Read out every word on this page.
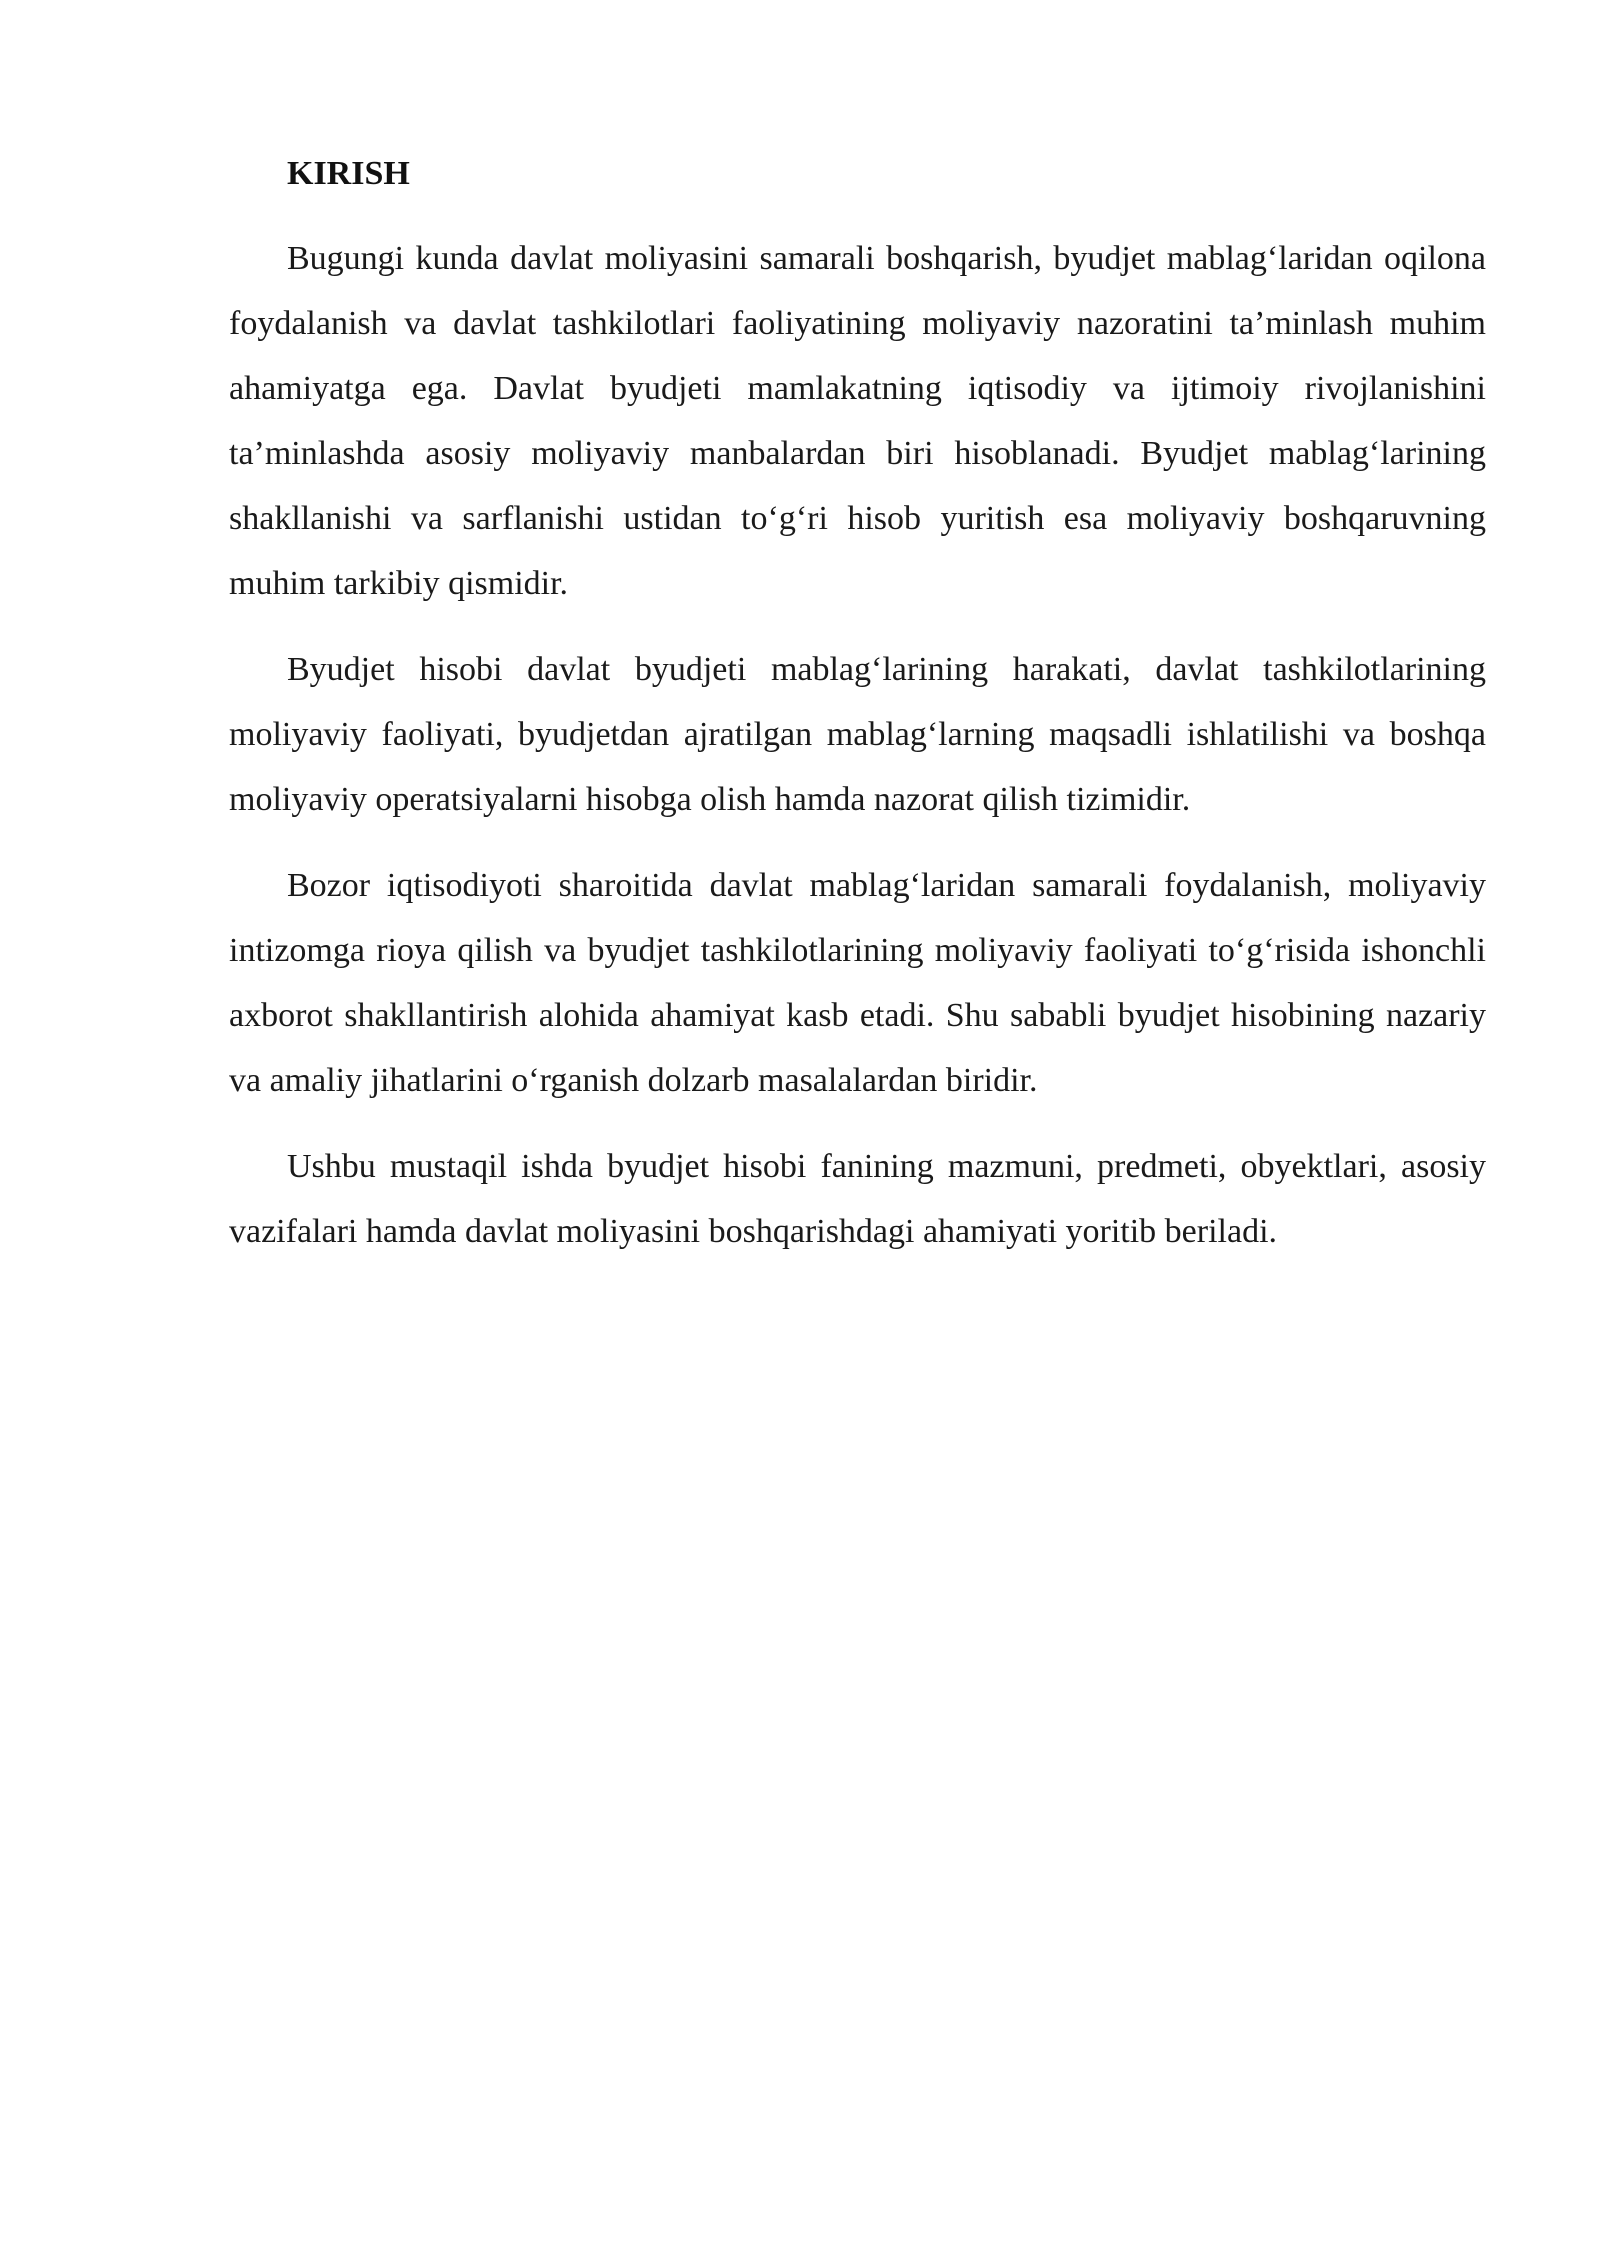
KIRISH

Bugungi kunda davlat moliyasini samarali boshqarish, byudjet mablag‘laridan oqilona foydalanish va davlat tashkilotlari faoliyatining moliyaviy nazoratini ta’minlash muhim ahamiyatga ega. Davlat byudjeti mamlakatning iqtisodiy va ijtimoiy rivojlanishini ta’minlashda asosiy moliyaviy manbalardan biri hisoblanadi. Byudjet mablag‘larining shakllanishi va sarflanishi ustidan to‘g‘ri hisob yuritish esa moliyaviy boshqaruvning muhim tarkibiy qismidir.

Byudjet hisobi davlat byudjeti mablag‘larining harakati, davlat tashkilotlarining moliyaviy faoliyati, byudjetdan ajratilgan mablag‘larning maqsadli ishlatilishi va boshqa moliyaviy operatsiyalarni hisobga olish hamda nazorat qilish tizimidir.

Bozor iqtisodiyoti sharoitida davlat mablag‘laridan samarali foydalanish, moliyaviy intizomga rioya qilish va byudjet tashkilotlarining moliyaviy faoliyati to‘g‘risida ishonchli axborot shakllantirish alohida ahamiyat kasb etadi. Shu sababli byudjet hisobining nazariy va amaliy jihatlarini o‘rganish dolzarb masalalardan biridir.

Ushbu mustaqil ishda byudjet hisobi fanining mazmuni, predmeti, obyektlari, asosiy vazifalari hamda davlat moliyasini boshqarishdagi ahamiyati yoritib beriladi.
